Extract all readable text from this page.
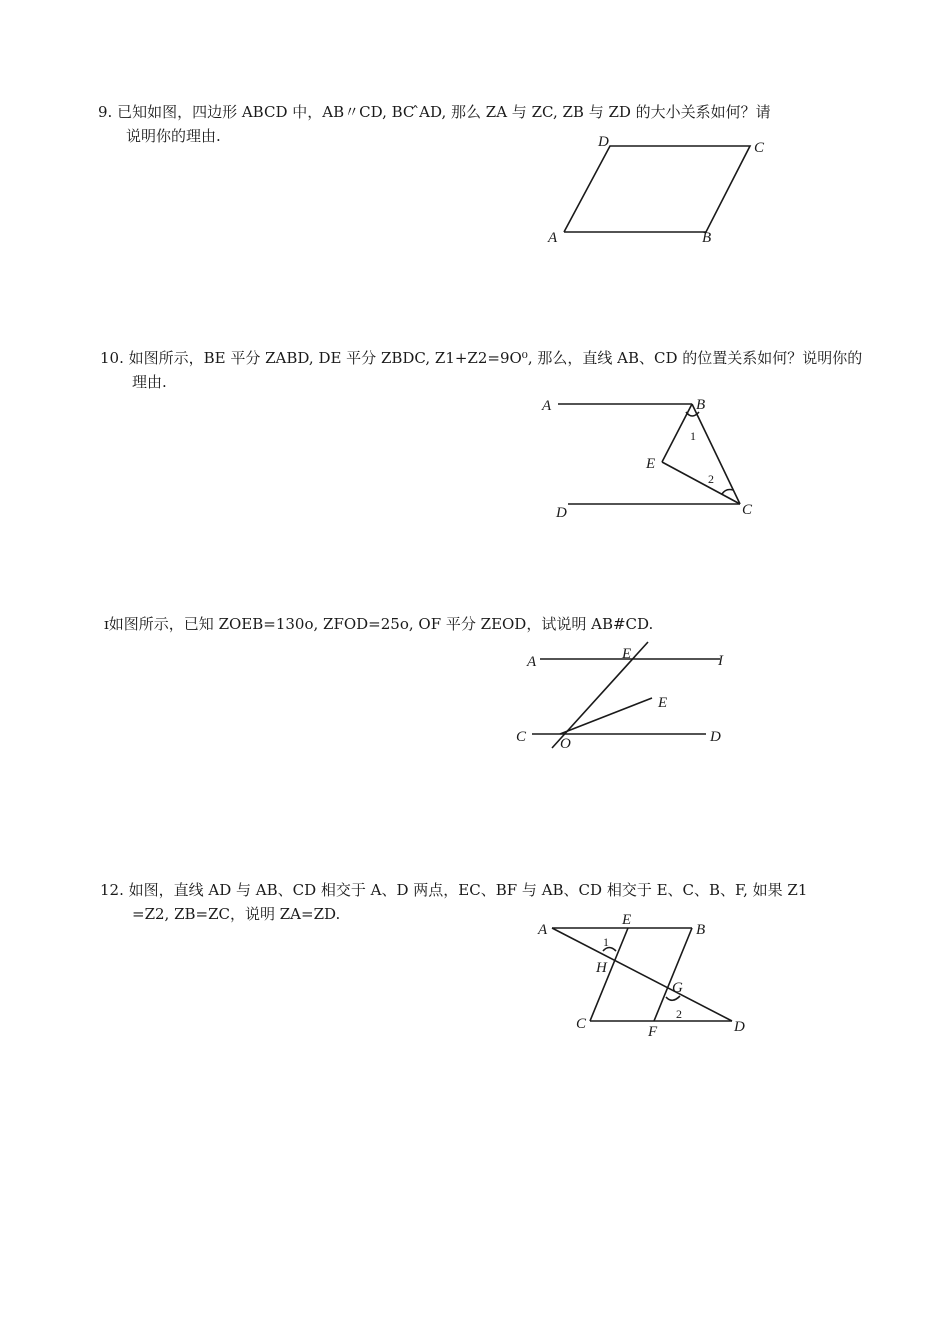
9. 已知如图，四边形 ABCD 中，AB〃CD, BC ̂AD, 那么 ZA 与 ZC, ZB 与 ZD 的大小关系如何？请
说明你的理由.
A	B
C
D
10. 如图所示，BE 平分 ZABD, DE 平分 ZBDC, Z1+Z2=9O⁰, 那么，直线 AB、CD 的位置关系如何？说明你的
理由.
A	B
E
C
D
1
2
ɪ如图所示，已知 ZOEB=130o, ZFOD=25o, OF 平分 ZEOD，试说明 AB#CD.
A	E	I
E
C O	D
12. 如图，直线 AD 与 AB、CD 相交于 A、D 两点，EC、BF 与 AB、CD 相交于 E、C、B、F, 如果 Z1
=Z2, ZB=ZC，说明 ZA=ZD.
A
E
B
H
G
C	F	D
1
2
